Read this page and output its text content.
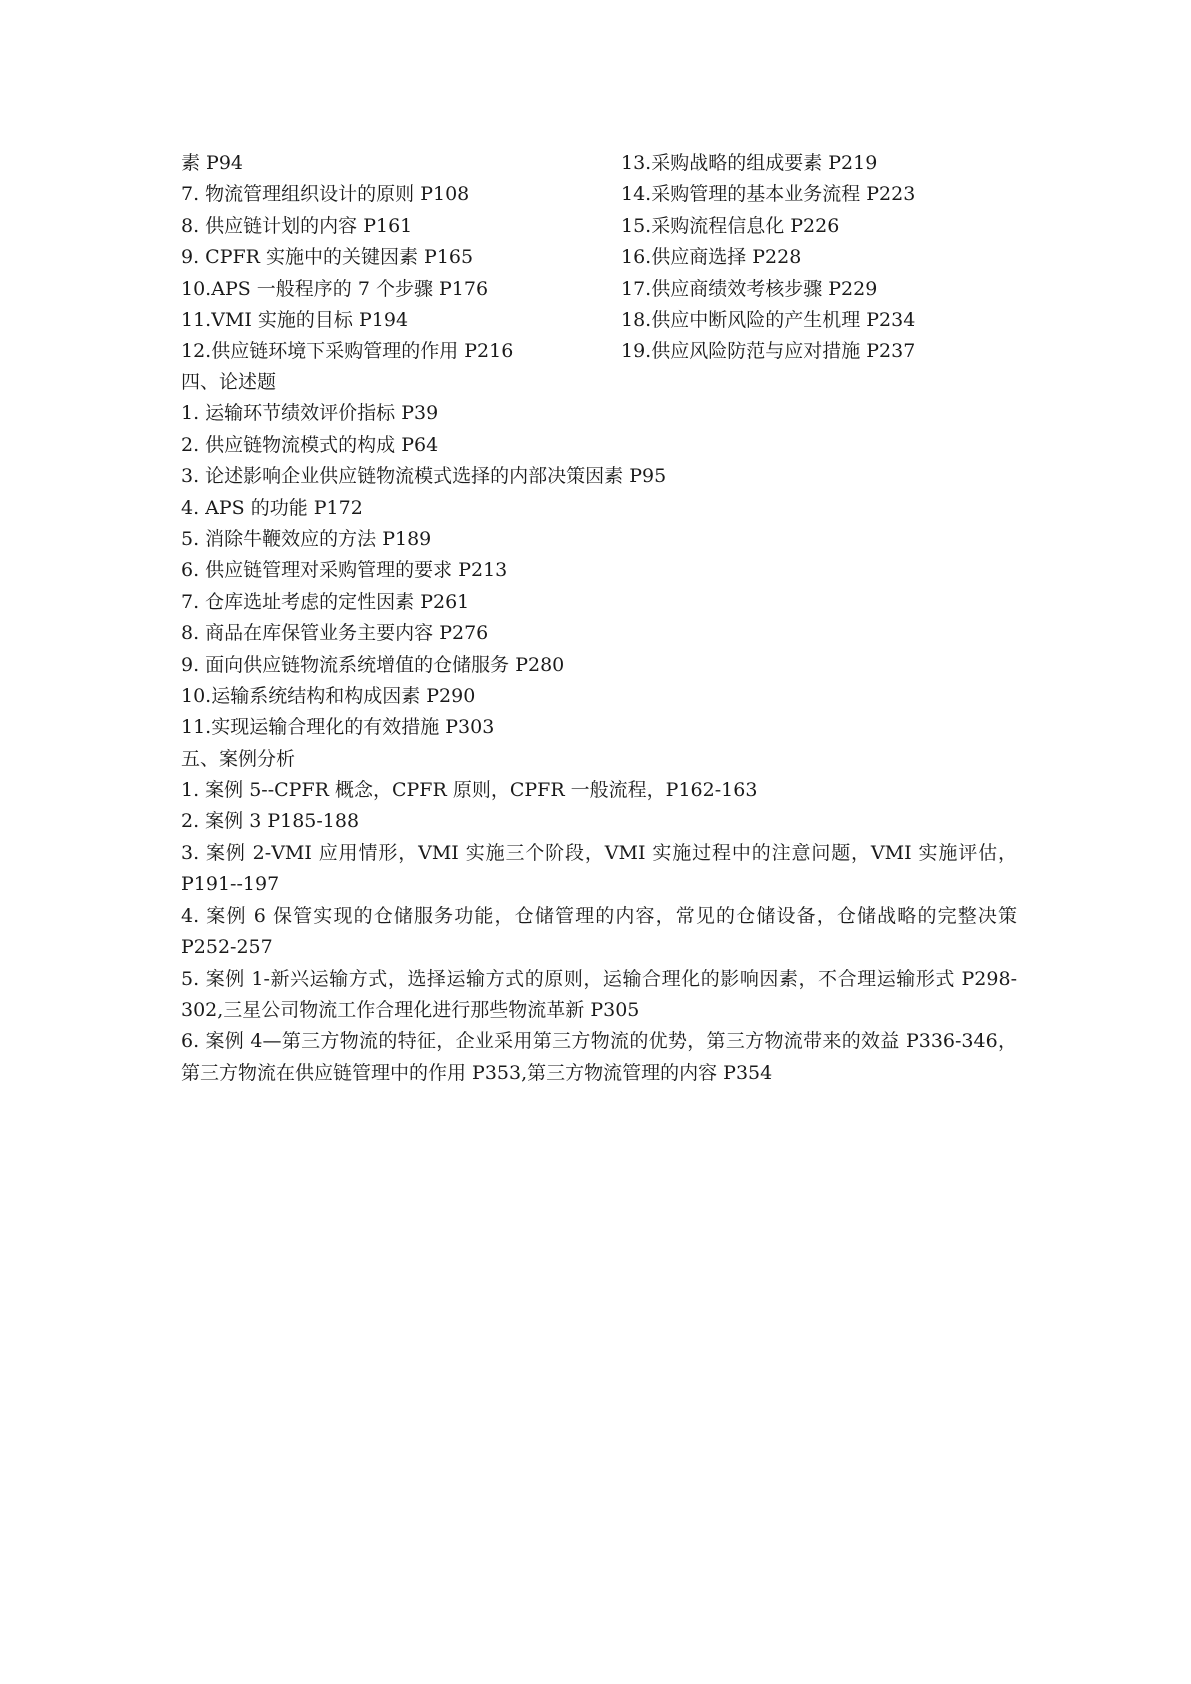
素 P94
7. 物流管理组织设计的原则 P108
8. 供应链计划的内容 P161
9. CPFR 实施中的关键因素 P165
10.APS 一般程序的 7 个步骤 P176
11.VMI 实施的目标 P194
12.供应链环境下采购管理的作用 P216
13.采购战略的组成要素 P219
14.采购管理的基本业务流程 P223
15.采购流程信息化 P226
16.供应商选择 P228
17.供应商绩效考核步骤 P229
18.供应中断风险的产生机理 P234
19.供应风险防范与应对措施 P237
四、论述题
1. 运输环节绩效评价指标 P39
2. 供应链物流模式的构成 P64
3. 论述影响企业供应链物流模式选择的内部决策因素 P95
4. APS 的功能 P172
5. 消除牛鞭效应的方法 P189
6. 供应链管理对采购管理的要求 P213
7. 仓库选址考虑的定性因素 P261
8. 商品在库保管业务主要内容 P276
9. 面向供应链物流系统增值的仓储服务 P280
10.运输系统结构和构成因素 P290
11.实现运输合理化的有效措施 P303
五、案例分析
1. 案例 5--CPFR 概念，CPFR 原则，CPFR 一般流程，P162-163
2. 案例 3 P185-188
3. 案例 2-VMI 应用情形，VMI 实施三个阶段，VMI 实施过程中的注意问题，VMI 实施评估，P191--197
4. 案例 6 保管实现的仓储服务功能，仓储管理的内容，常见的仓储设备，仓储战略的完整决策 P252-257
5. 案例 1-新兴运输方式，选择运输方式的原则，运输合理化的影响因素，不合理运输形式 P298-302,三星公司物流工作合理化进行那些物流革新 P305
6. 案例 4—第三方物流的特征，企业采用第三方物流的优势，第三方物流带来的效益 P336-346，第三方物流在供应链管理中的作用 P353,第三方物流管理的内容 P354
